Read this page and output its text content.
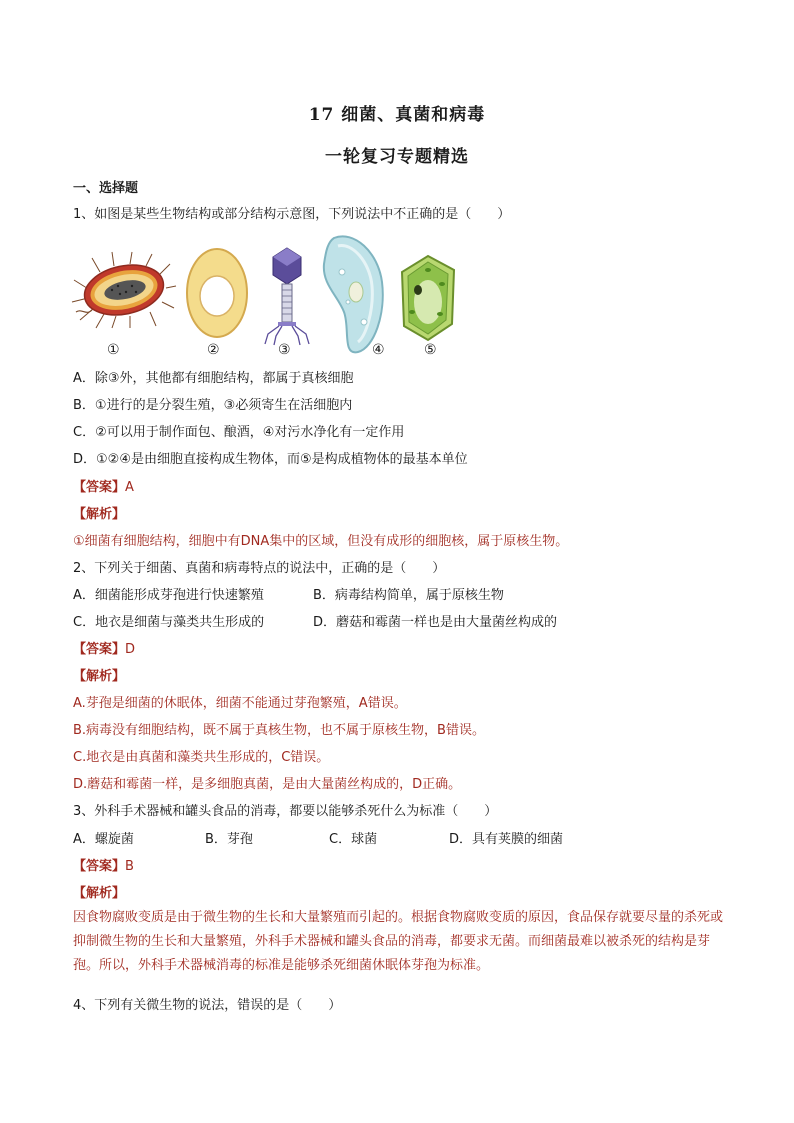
17 细菌、真菌和病毒
一轮复习专题精选
一、选择题
1、如图是某些生物结构或部分结构示意图，下列说法中不正确的是（　　）
①	②	③	④	⑤
A．除③外，其他都有细胞结构，都属于真核细胞
B．①进行的是分裂生殖，③必须寄生在活细胞内
C．②可以用于制作面包、酿酒，④对污水净化有一定作用
D．①②④是由细胞直接构成生物体，而⑤是构成植物体的最基本单位
【答案】A
【解析】
①细菌有细胞结构，细胞中有DNA集中的区域，但没有成形的细胞核，属于原核生物。
2、下列关于细菌、真菌和病毒特点的说法中，正确的是（　　）
A．细菌能形成芽孢进行快速繁殖	B．病毒结构简单，属于原核生物
C．地衣是细菌与藻类共生形成的	D．蘑菇和霉菌一样也是由大量菌丝构成的
【答案】D
【解析】
A.芽孢是细菌的休眠体，细菌不能通过芽孢繁殖，A错误。
B.病毒没有细胞结构，既不属于真核生物，也不属于原核生物，B错误。
C.地衣是由真菌和藻类共生形成的，C错误。
D.蘑菇和霉菌一样，是多细胞真菌，是由大量菌丝构成的，D正确。
3、外科手术器械和罐头食品的消毒，都要以能够杀死什么为标准（　　）
A．螺旋菌	B．芽孢	C．球菌	D．具有荚膜的细菌
【答案】B
【解析】
因食物腐败变质是由于微生物的生长和大量繁殖而引起的。根据食物腐败变质的原因，食品保存就要尽量的杀死或抑制微生物的生长和大量繁殖，外科手术器械和罐头食品的消毒，都要求无菌。而细菌最难以被杀死的结构是芽孢。所以，外科手术器械消毒的标准是能够杀死细菌休眠体芽孢为标准。
4、下列有关微生物的说法，错误的是（　　）
